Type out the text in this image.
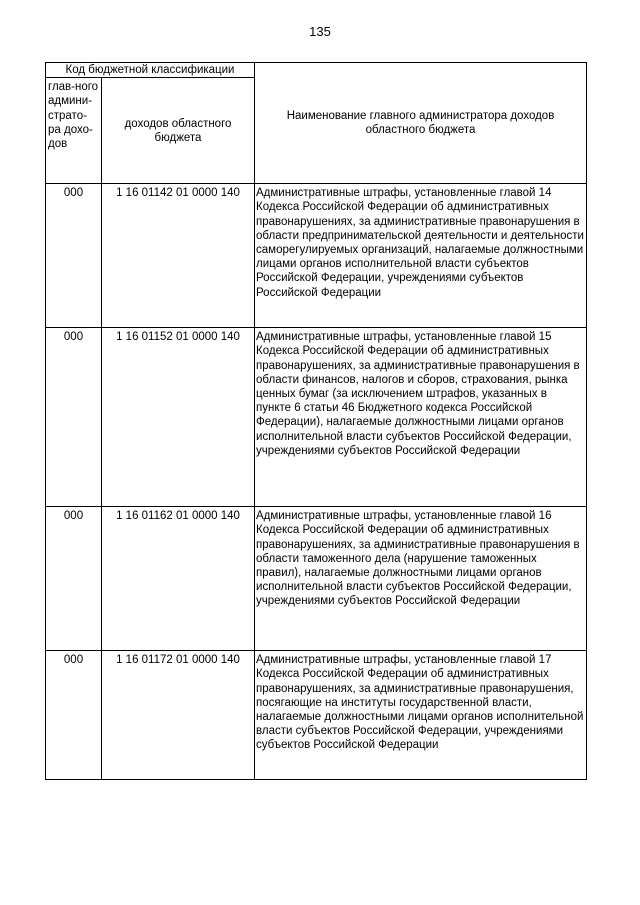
135
Код бюджетной классификации		Наименование главного администратора доходов областного бюджета
глав-ного админи-страто-ра дохо-дов	доходов областного бюджета	
000	1 16 01142 01 0000 140	Административные штрафы, установленные главой 14 Кодекса Российской Федерации об административных правонарушениях, за административные правонарушения в области предпринимательской деятельности и деятельности саморегулируемых организаций, налагаемые должностными лицами органов исполнительной власти субъектов Российской Федерации, учреждениями субъектов Российской Федерации
000	1 16 01152 01 0000 140	Административные штрафы, установленные главой 15 Кодекса Российской Федерации об административных правонарушениях, за административные правонарушения в области финансов, налогов и сборов, страхования, рынка ценных бумаг (за исключением штрафов, указанных в пункте 6 статьи 46 Бюджетного кодекса Российской Федерации), налагаемые должностными лицами органов исполнительной власти субъектов Российской Федерации, учреждениями субъектов Российской Федерации
000	1 16 01162 01 0000 140	Административные штрафы, установленные главой 16 Кодекса Российской Федерации об административных правонарушениях, за административные правонарушения в области таможенного дела (нарушение таможенных правил), налагаемые должностными лицами органов исполнительной власти субъектов Российской Федерации, учреждениями субъектов Российской Федерации
000	1 16 01172 01 0000 140	Административные штрафы, установленные главой 17 Кодекса Российской Федерации об административных правонарушениях, за административные правонарушения, посягающие на институты государственной власти, налагаемые должностными лицами органов исполнительной власти субъектов Российской Федерации, учреждениями субъектов Российской Федерации
